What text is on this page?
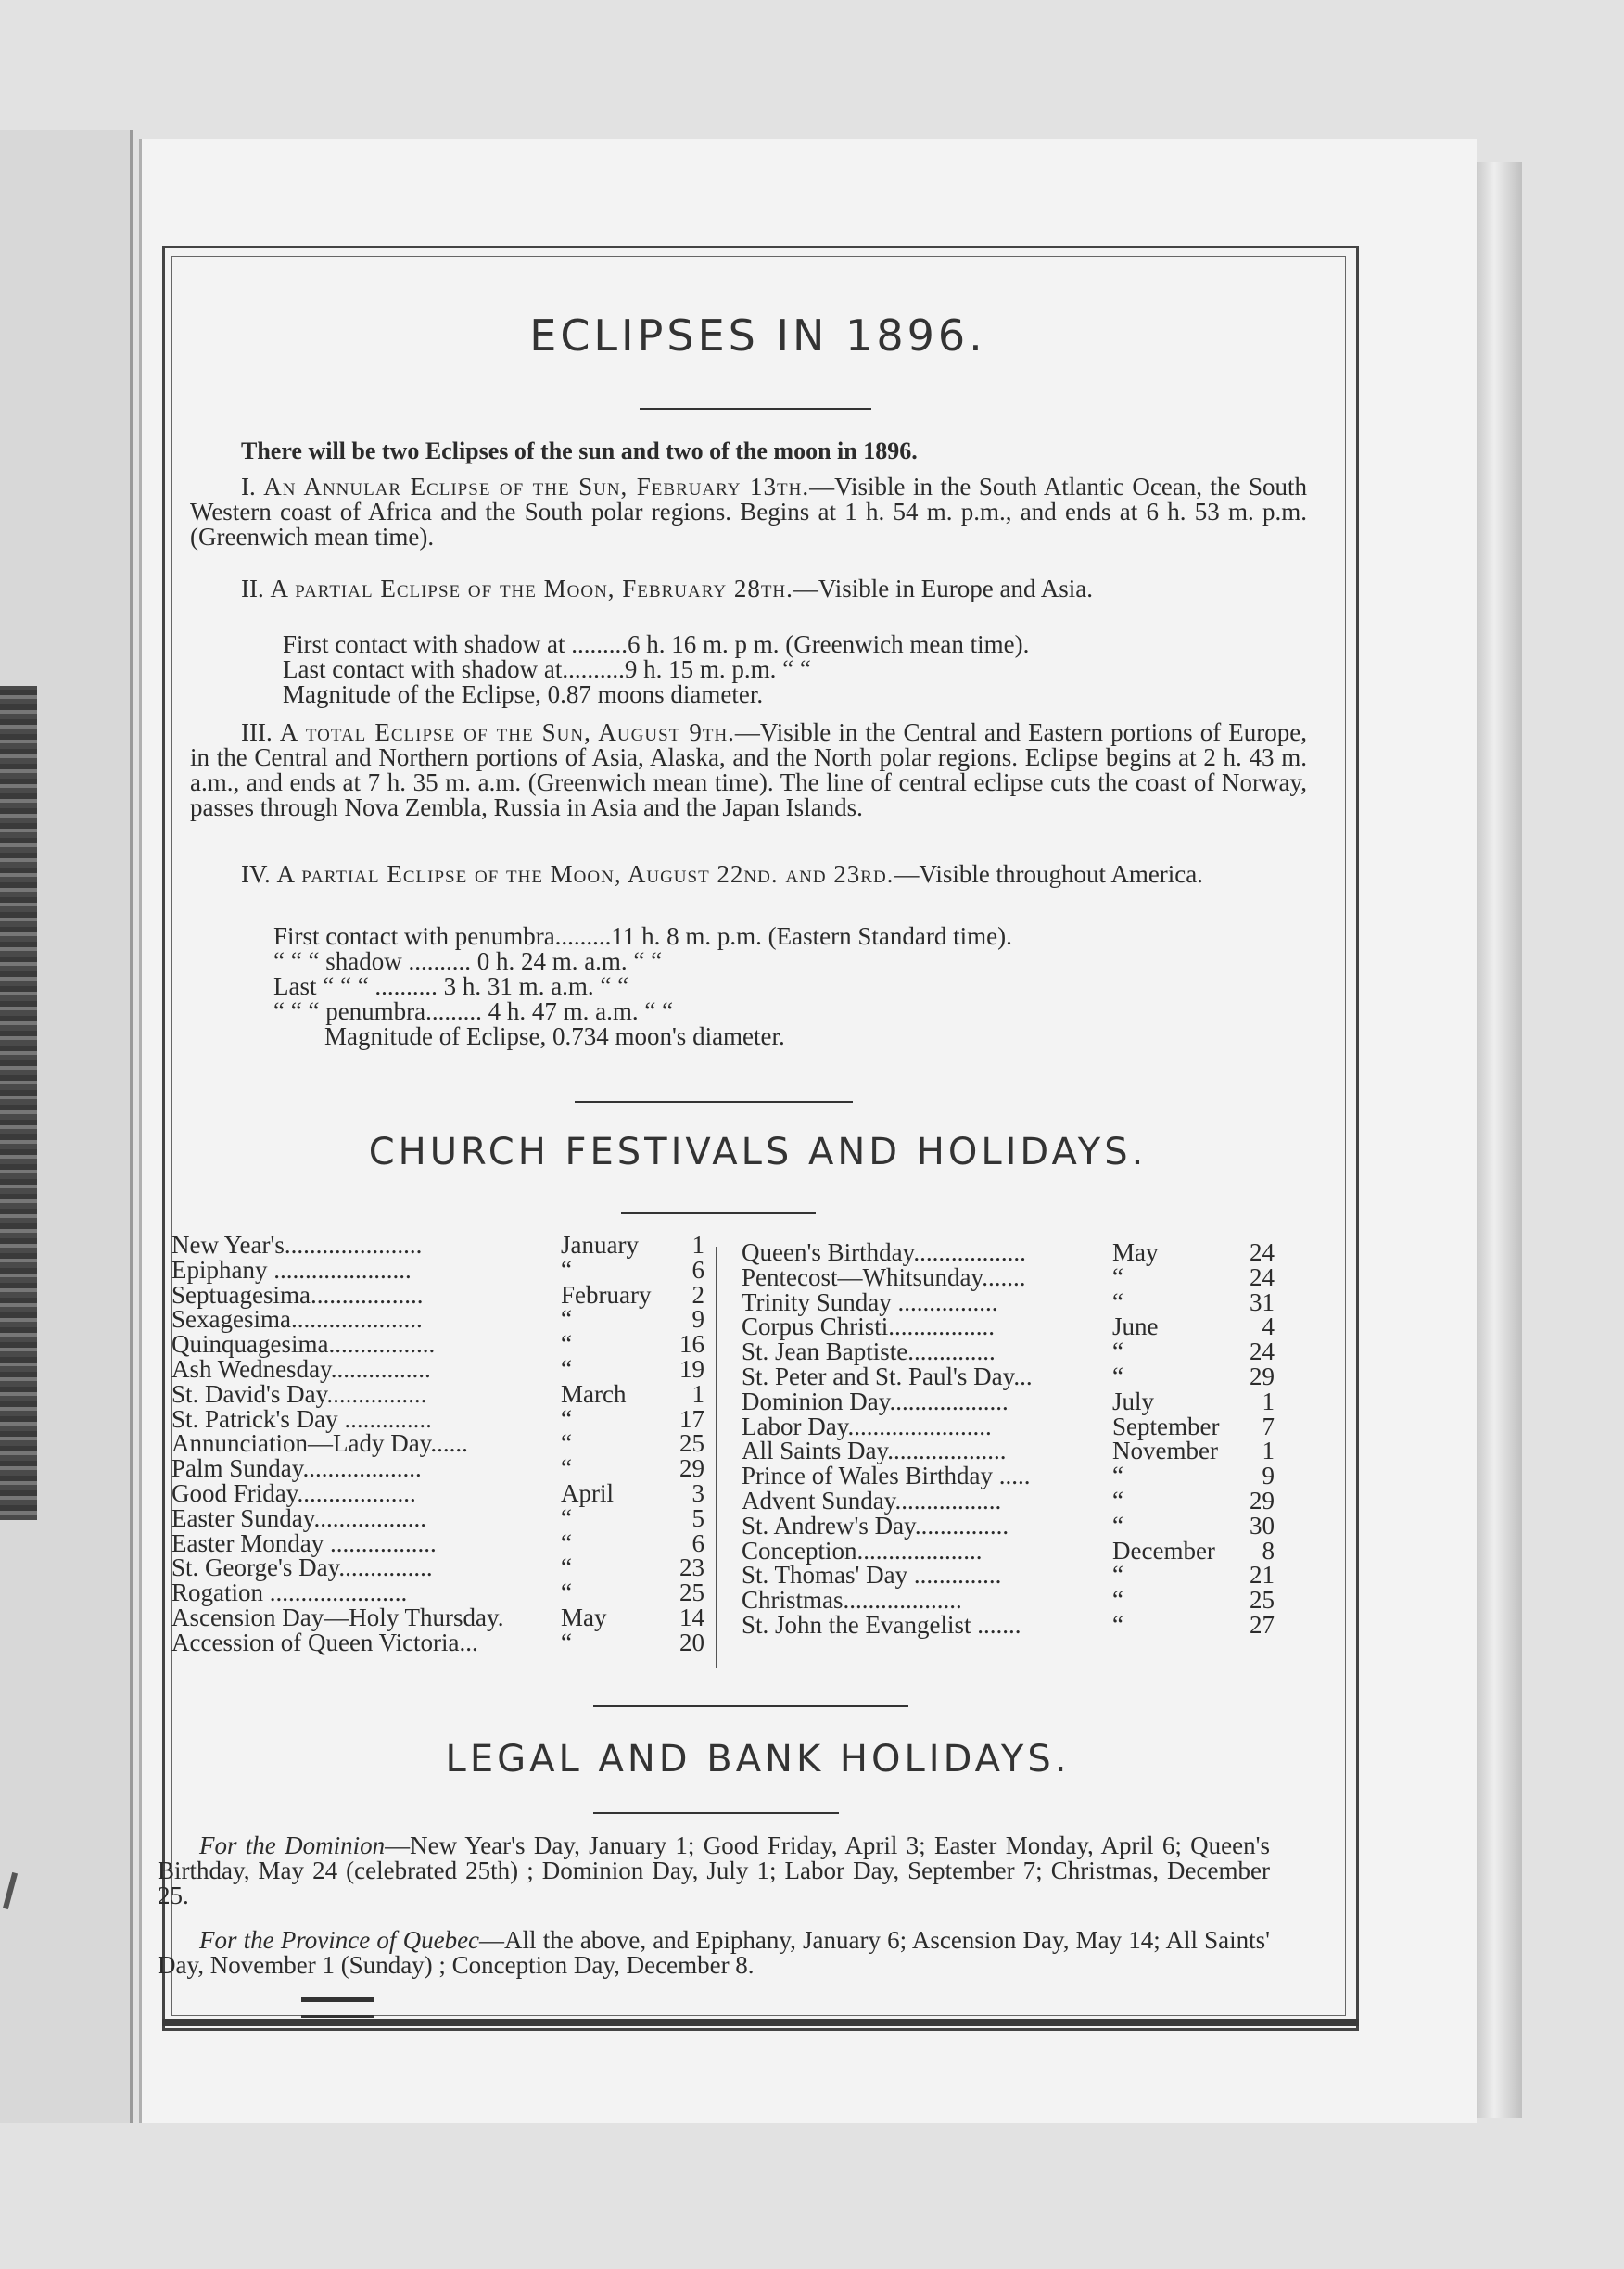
ECLIPSES IN 1896.

There will be two Eclipses of the sun and two of the moon in 1896.

I. An Annular Eclipse of the Sun, February 13th.—Visible in the South Atlantic Ocean, the South Western coast of Africa and the South polar regions. Begins at 1 h. 54 m. p.m., and ends at 6 h. 53 m. p.m. (Greenwich mean time).

II. A partial Eclipse of the Moon, February 28th.—Visible in Europe and Asia.

First contact with shadow at .........6 h. 16 m. p m. (Greenwich mean time).
Last contact with shadow at..........9 h. 15 m. p.m. “ “
Magnitude of the Eclipse, 0.87 moons diameter.

III. A total Eclipse of the Sun, August 9th.—Visible in the Central and Eastern portions of Europe, in the Central and Northern portions of Asia, Alaska, and the North polar regions. Eclipse begins at 2 h. 43 m. a.m., and ends at 7 h. 35 m. a.m. (Greenwich mean time). The line of central eclipse cuts the coast of Norway, passes through Nova Zembla, Russia in Asia and the Japan Islands.

IV. A partial Eclipse of the Moon, August 22nd. and 23rd.—Visible throughout America.

First contact with penumbra.........11 h. 8 m. p.m. (Eastern Standard time).
“ “ “ shadow .......... 0 h. 24 m. a.m. “ “
Last “ “ “ .......... 3 h. 31 m. a.m. “ “
“ “ “ penumbra......... 4 h. 47 m. a.m. “ “
Magnitude of Eclipse, 0.734 moon's diameter.
CHURCH FESTIVALS AND HOLIDAYS.
New Year's......................	January 1
Epiphany ......................	“	6
Septuagesima..................	February 2
Sexagesima.....................	“	9
Quinquagesima.................	“	16
Ash Wednesday................	“	19
St. David's Day................	March	1
St. Patrick's Day ..............	“	17
Annunciation—Lady Day......	“	25
Palm Sunday...................	“	29
Good Friday...................	April	3
Easter Sunday..................	“	5
Easter Monday .................	“	6
St. George's Day...............	“	23
Rogation ......................	“	25
Ascension Day—Holy Thursday. May	14
Accession of Queen Victoria...	“	20
Queen's Birthday..................	May	24
Pentecost—Whitsunday.......	“	24
Trinity Sunday ................	“	31
Corpus Christi.................	June	4
St. Jean Baptiste..............	“	24
St. Peter and St. Paul's Day...	“	29
Dominion Day...................	July	1
Labor Day.......................	September 7
All Saints Day...................	November 1
Prince of Wales Birthday .....	“	9
Advent Sunday.................	“	29
St. Andrew's Day...............	“	30
Conception....................	December 8
St. Thomas' Day ..............	“	21
Christmas...................	“	25
St. John the Evangelist .......	“	27
LEGAL AND BANK HOLIDAYS.

For the Dominion—New Year's Day, January 1; Good Friday, April 3; Easter Monday, April 6; Queen's Birthday, May 24 (celebrated 25th) ; Dominion Day, July 1; Labor Day, September 7; Christmas, December 25.

For the Province of Quebec—All the above, and Epiphany, January 6; Ascension Day, May 14; All Saints' Day, November 1 (Sunday) ; Conception Day, December 8.
